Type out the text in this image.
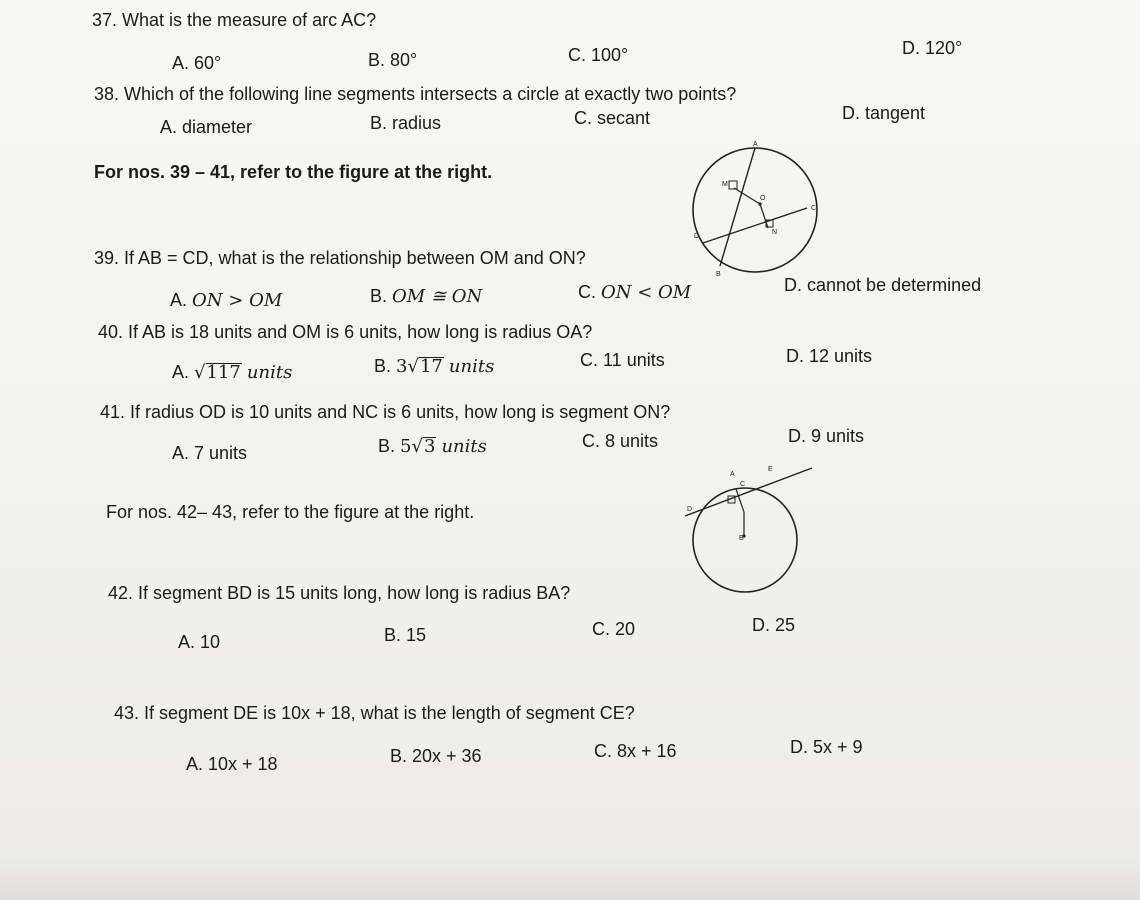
37. What is the measure of arc AC?
A. 60°	B. 80°	C. 100°	D. 120°
38. Which of the following line segments intersects a circle at exactly two points?
A. diameter	B. radius	C. secant	D. tangent
For nos. 39 – 41, refer to the figure at the right.
A
M
O
C
D
N
B
39. If AB = CD, what is the relationship between OM and ON?
A. ON > OM	B. OM ≅ ON	C. ON < OM	D. cannot be determined
40. If AB is 18 units and OM is 6 units, how long is radius OA?
A. √117 units	B. 3√17 units	C. 11 units	D. 12 units
41. If radius OD is 10 units and NC is 6 units, how long is segment ON?
A. 7 units	B. 5√3 units	C. 8 units	D. 9 units
For nos. 42– 43, refer to the figure at the right.
A
E
C
D
B
42. If segment BD is 15 units long, how long is radius BA?
A. 10	B. 15	C. 20	D. 25
43. If segment DE is 10x + 18, what is the length of segment CE?
A. 10x + 18	B. 20x + 36	C. 8x + 16	D. 5x + 9
